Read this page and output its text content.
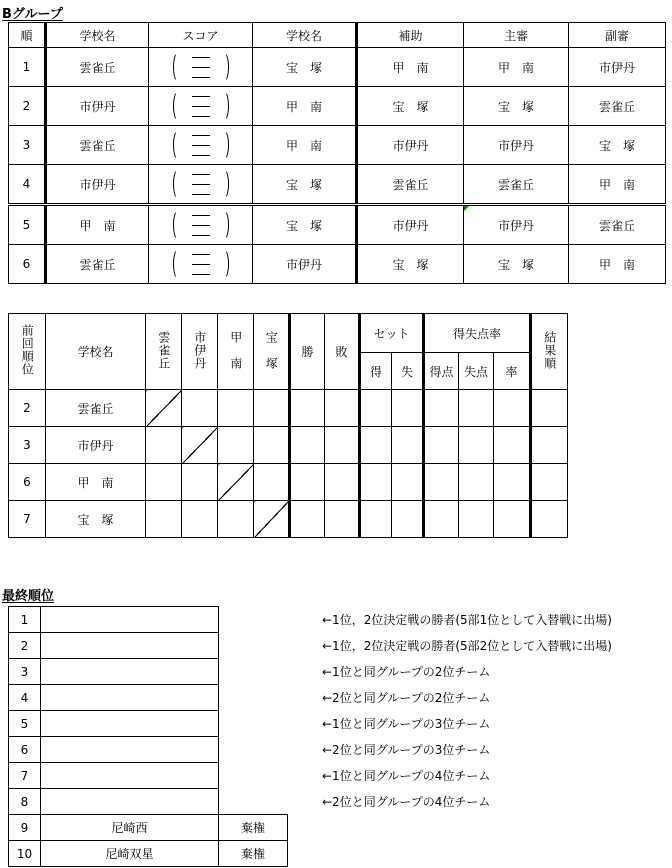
Bグループ
順	学校名	スコア	学校名	補助	主審	副審
1	雲雀丘		宝　塚	甲　南	甲　南	市伊丹
2	市伊丹		甲　南	宝　塚	宝　塚	雲雀丘
3	雲雀丘		甲　南	市伊丹	市伊丹	宝　塚
4	市伊丹		宝　塚	雲雀丘	雲雀丘	甲　南
5	甲　南		宝　塚	市伊丹	市伊丹	雲雀丘
6	雲雀丘		市伊丹	宝　塚	宝　塚	甲　南
前回順位	学校名	雲雀丘	市伊丹	甲　南	宝　塚	勝	敗	セット		得失点率			結果順
								得	失	得点	失点	率	
2	雲雀丘												
3	市伊丹												
6	甲　南												
7	宝　塚												
最終順位
1		
2		
3		
4		
5		
6		
7		
8		
9	尼崎西	棄権
10	尼崎双星	棄権
←1位，2位決定戦の勝者(5部1位として入替戦に出場)
←1位，2位決定戦の勝者(5部2位として入替戦に出場)
←1位と同グループの2位チーム
←2位と同グループの2位チーム
←1位と同グループの3位チーム
←2位と同グループの3位チーム
←1位と同グループの4位チーム
←2位と同グループの4位チーム
